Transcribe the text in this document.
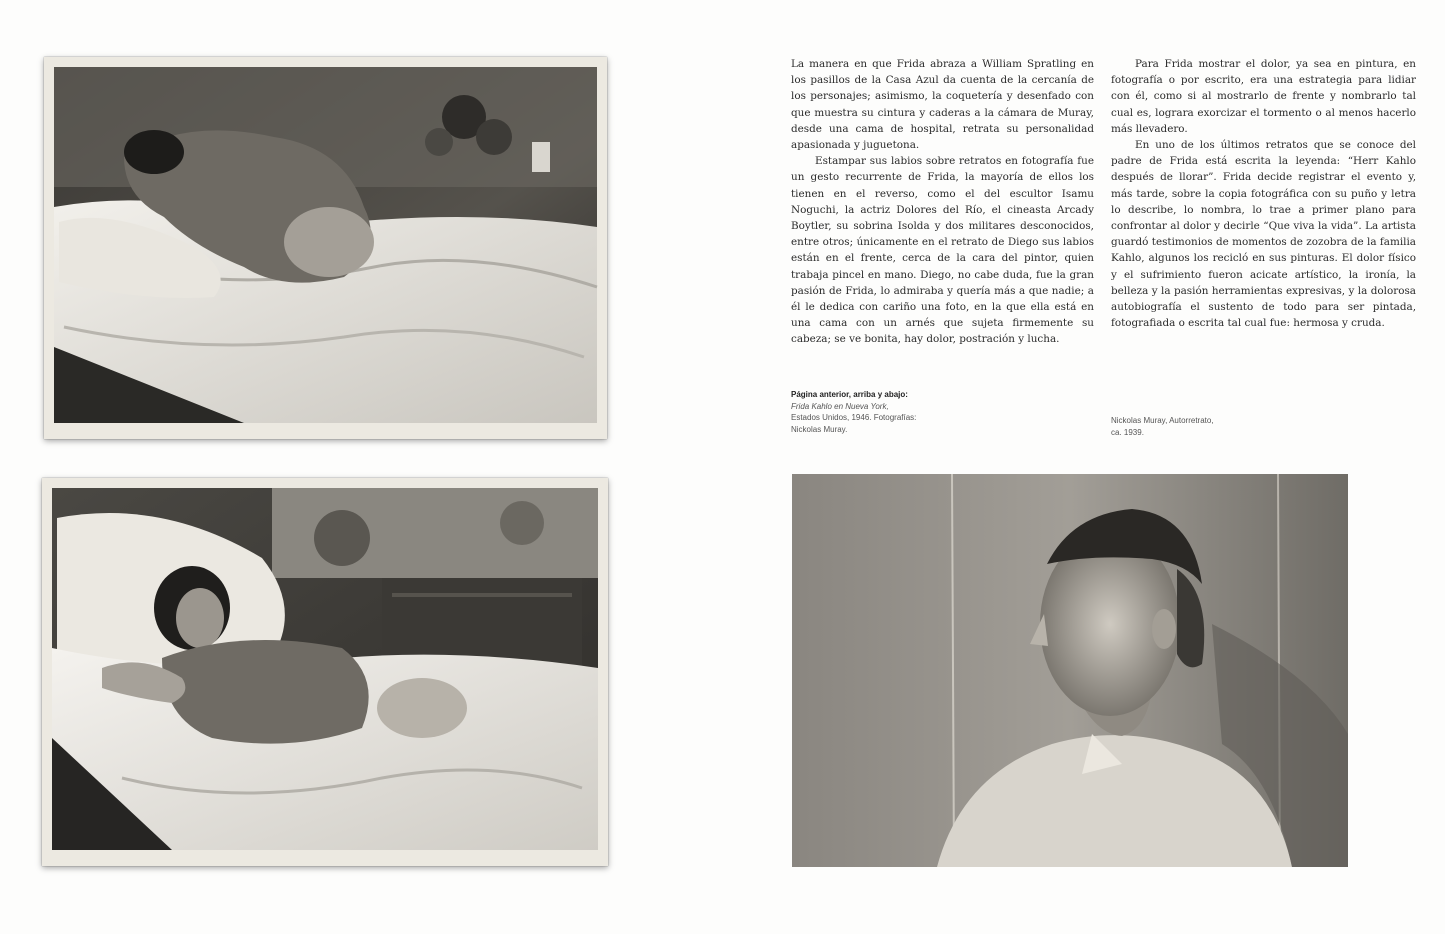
La manera en que Frida abraza a William Spratling en los pasillos de la Casa Azul da cuenta de la cercanía de los personajes; asimismo, la coquetería y desenfado con que muestra su cintura y caderas a la cámara de Muray, desde una cama de hospital, retrata su personalidad apasionada y juguetona.

Estampar sus labios sobre retratos en fotografía fue un gesto recurrente de Frida, la mayoría de ellos los tienen en el reverso, como el del escultor Isamu Noguchi, la actriz Dolores del Río, el cineasta Arcady Boytler, su sobrina Isolda y dos militares desconocidos, entre otros; únicamente en el retrato de Diego sus labios están en el frente, cerca de la cara del pintor, quien trabaja pincel en mano. Diego, no cabe duda, fue la gran pasión de Frida, lo admiraba y quería más a que nadie; a él le dedica con cariño una foto, en la que ella está en una cama con un arnés que sujeta firmemente su cabeza; se ve bonita, hay dolor, postración y lucha.

Para Frida mostrar el dolor, ya sea en pintura, en fotografía o por escrito, era una estrategia para lidiar con él, como si al mostrarlo de frente y nombrarlo tal cual es, lograra exorcizar el tormento o al menos hacerlo más llevadero.

En uno de los últimos retratos que se conoce del padre de Frida está escrita la leyenda: “Herr Kahlo después de llorar”. Frida decide registrar el evento y, más tarde, sobre la copia fotográfica con su puño y letra lo describe, lo nombra, lo trae a primer plano para confrontar al dolor y decirle “Que viva la vida”. La artista guardó testimonios de momentos de zozobra de la familia Kahlo, algunos los recicló en sus pinturas. El dolor físico y el sufrimiento fueron acicate artístico, la ironía, la belleza y la pasión herramientas expresivas, y la dolorosa autobiografía el sustento de todo para ser pintada, fotografiada o escrita tal cual fue: hermosa y cruda.

Página anterior, arriba y abajo:
Frida Kahlo en Nueva York,
Estados Unidos, 1946. Fotografías:
Nickolas Muray.
Nickolas Muray, Autorretrato,
ca. 1939.
